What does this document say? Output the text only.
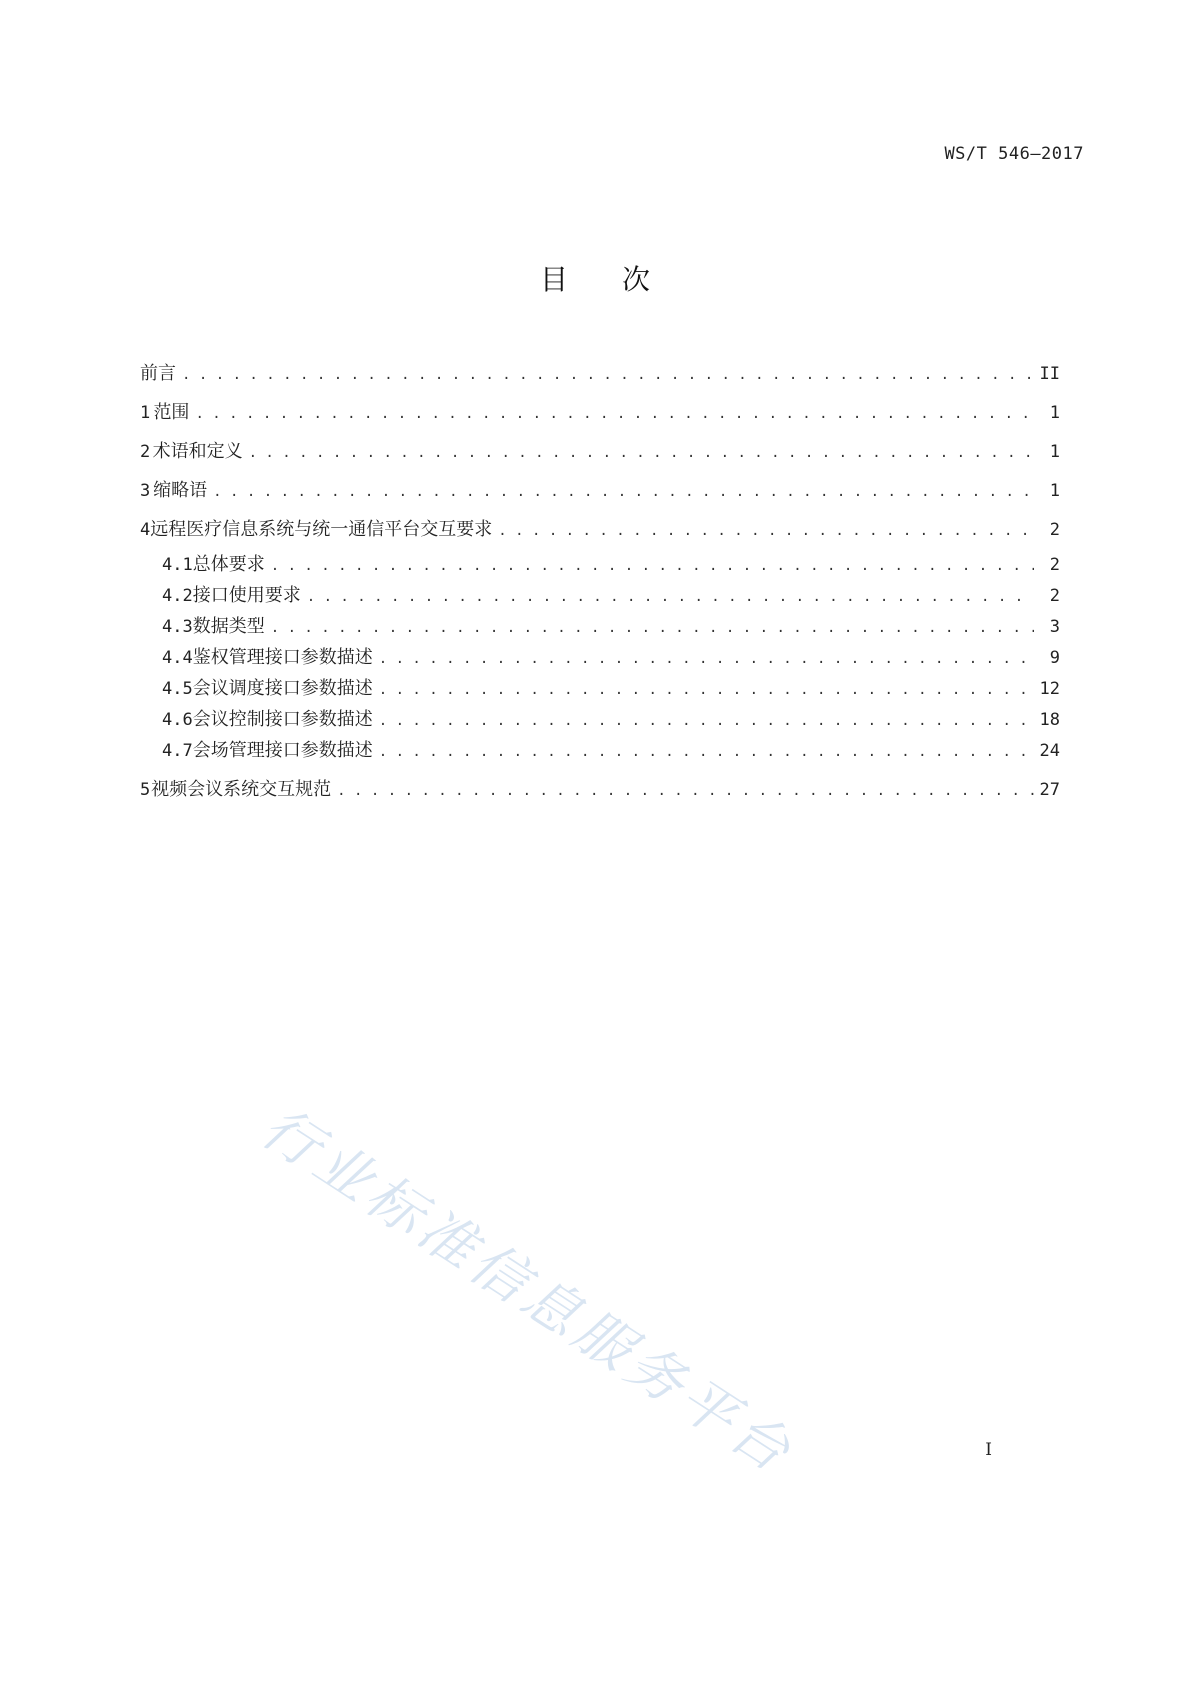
WS/T 546—2017
目次
前言 . . .	II
1 范围 . . .	1
2 术语和定义 . . .	1
3 缩略语 . . .	1
4 远程医疗信息系统与统一通信平台交互要求 . . .	2
4.1 总体要求 . . .	2
4.2 接口使用要求 . . .	2
4.3 数据类型 . . .	3
4.4 鉴权管理接口参数描述 . . .	9
4.5 会议调度接口参数描述 . . .	12
4.6 会议控制接口参数描述 . . .	18
4.7 会场管理接口参数描述 . . .	24
5 视频会议系统交互规范 . . .	27
行业标准信息服务平台	I
